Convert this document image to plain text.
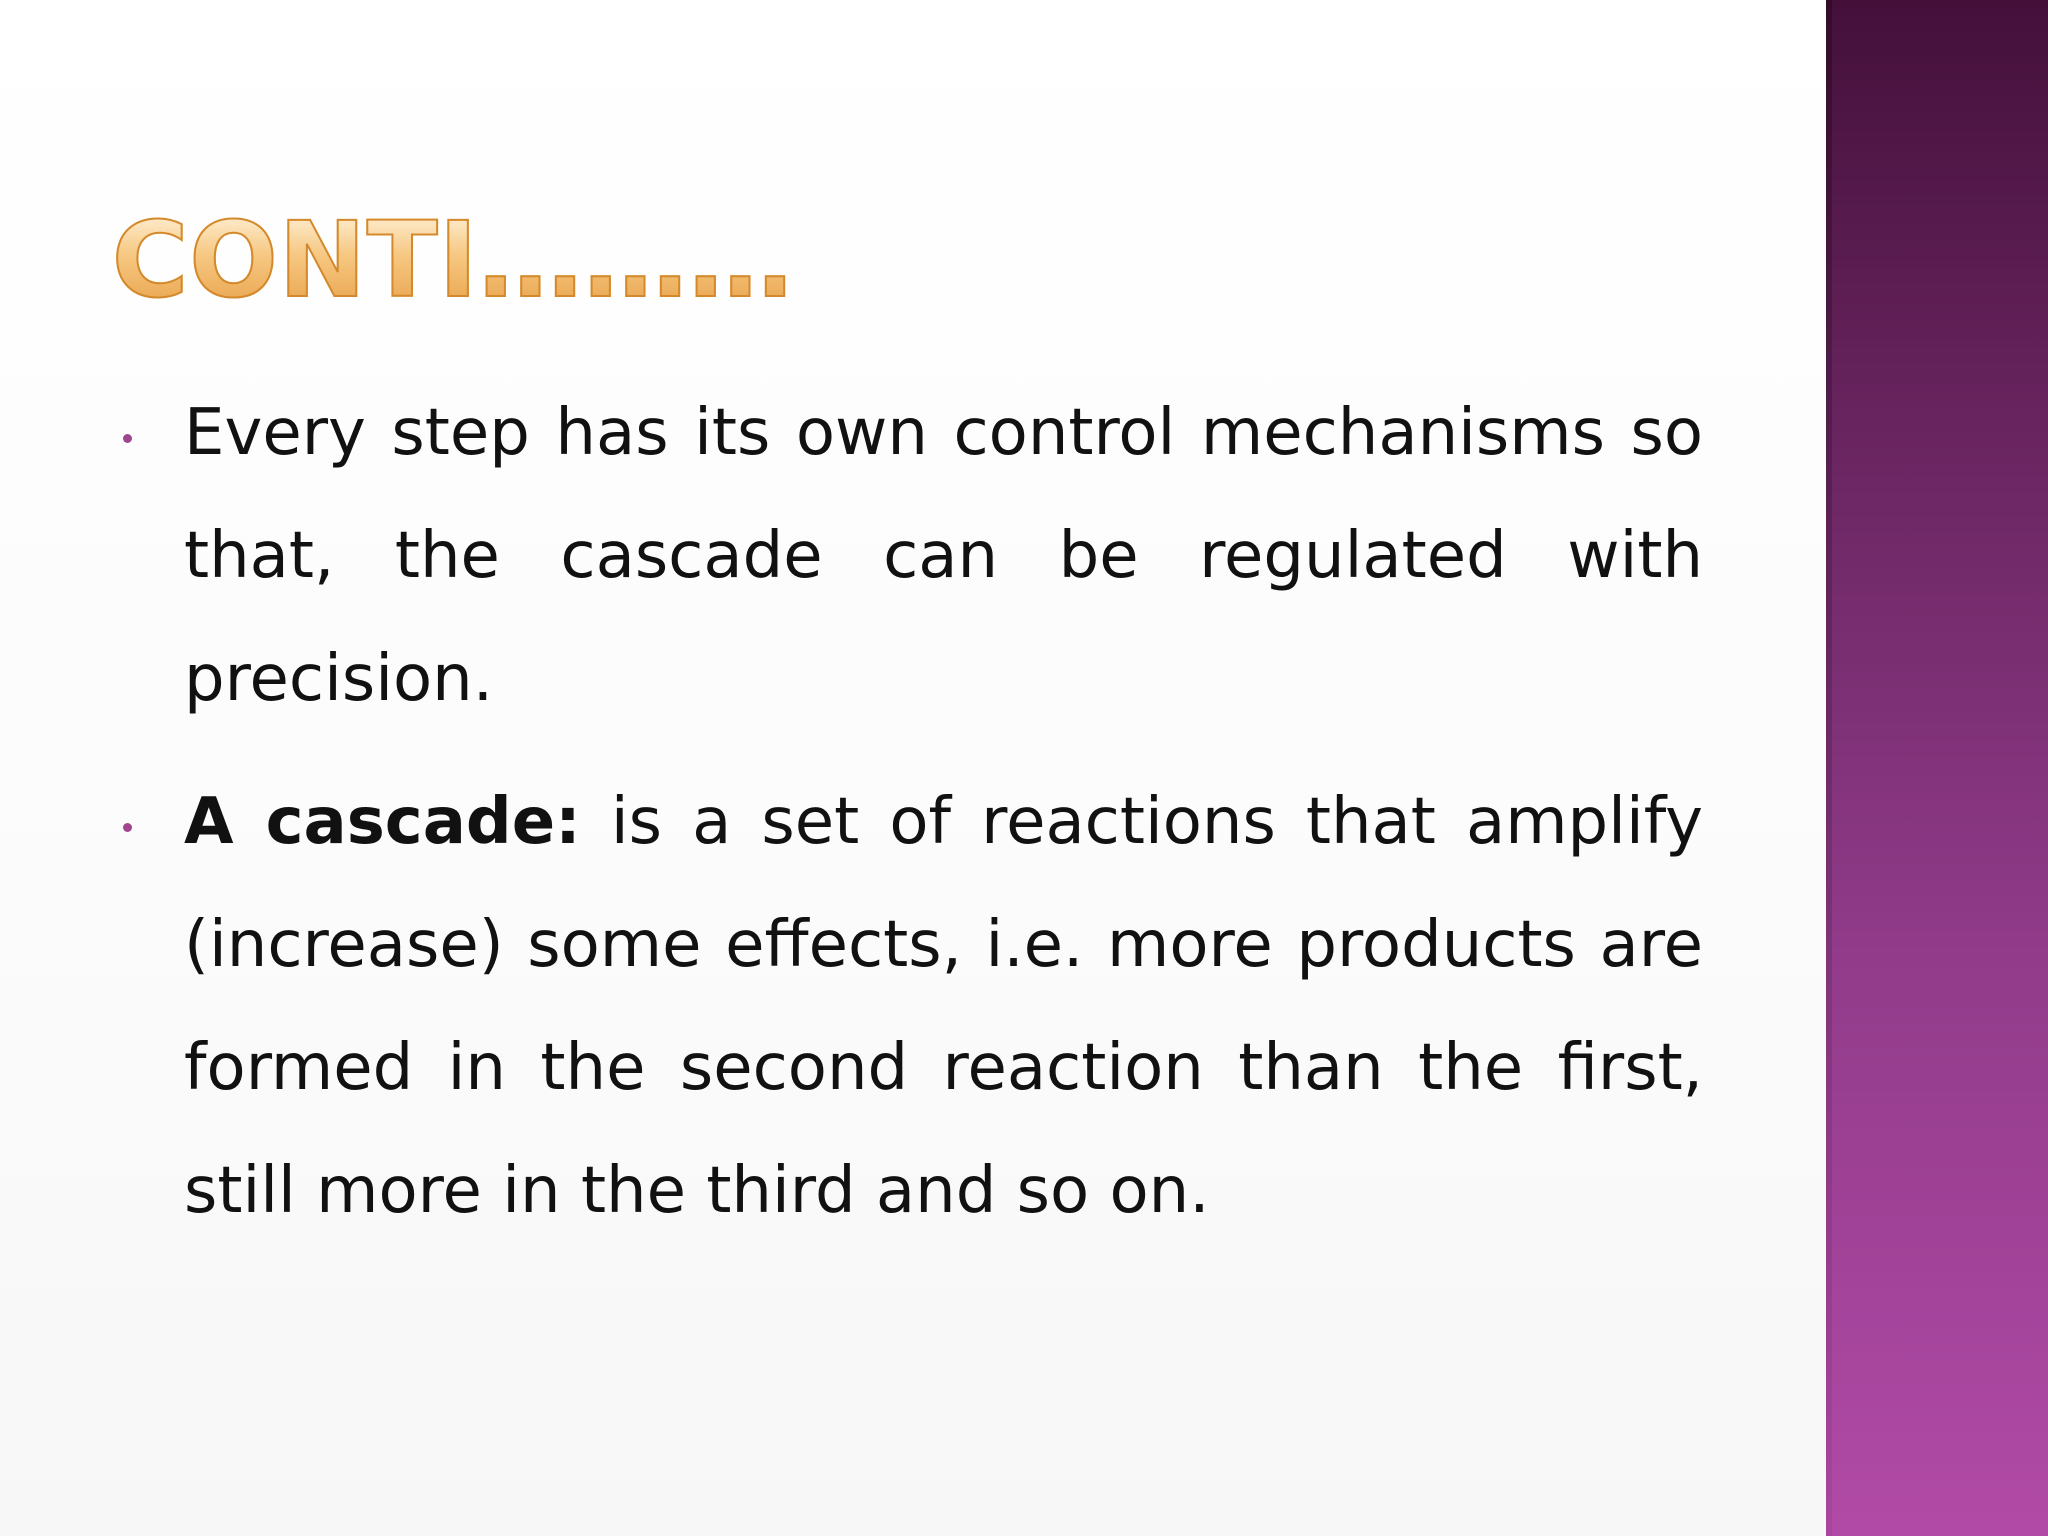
CONTI………
Every step has its own control mechanisms so that, the cascade can be regulated with precision.
A cascade: is a set of reactions that amplify (increase) some effects, i.e. more products are formed in the second reaction than the first, still more in the third and so on.
